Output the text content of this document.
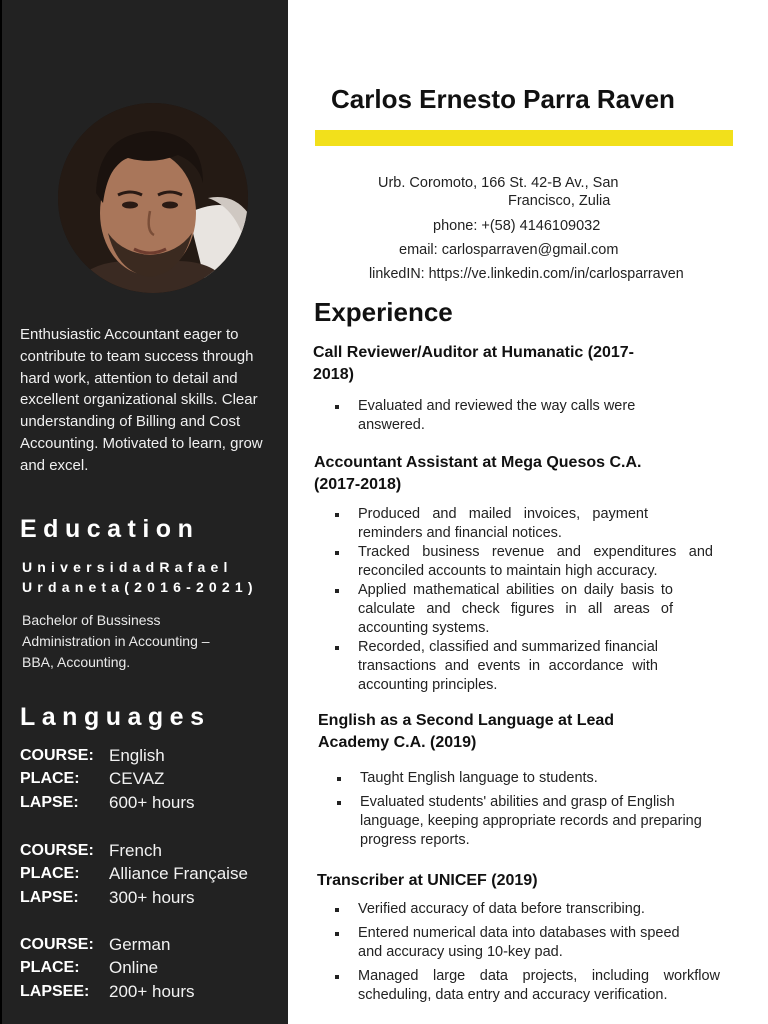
Enthusiastic Accountant eager to contribute to team success through hard work, attention to detail and excellent organizational skills. Clear understanding of Billing and Cost Accounting. Motivated to learn, grow and excel.
Education
UniversidadRafael
Urdaneta(2016-2021)
Bachelor of Bussiness Administration in Accounting – BBA, Accounting.
Languages
COURSE: English
PLACE:	CEVAZ
LAPSE:	600+ hours
COURSE: French
PLACE:	Alliance Française
LAPSE:	300+ hours
COURSE: German
PLACE:	Online
LAPSEE:	200+ hours
Carlos Ernesto Parra Raven
Urb. Coromoto, 166 St. 42-B Av., San
Francisco, Zulia
phone: +(58) 4146109032
email: carlosparraven@gmail.com
linkedIN: https://ve.linkedin.com/in/carlosparraven
Experience
Call Reviewer/Auditor at Humanatic (2017-
2018)
Evaluated and reviewed the way calls were answered.
Accountant Assistant at Mega Quesos C.A.
(2017-2018)
Produced and mailed invoices, payment reminders and financial notices.
Tracked business revenue and expenditures and reconciled accounts to maintain high accuracy.
Applied mathematical abilities on daily basis to calculate and check figures in all areas of accounting systems.
Recorded, classified and summarized financial transactions and events in accordance with accounting principles.
English as a Second Language at Lead
Academy C.A. (2019)
Taught English language to students.
Evaluated students' abilities and grasp of English language, keeping appropriate records and preparing progress reports.
Transcriber at UNICEF (2019)
Verified accuracy of data before transcribing.
Entered numerical data into databases with speed and accuracy using 10-key pad.
Managed large data projects, including workflow scheduling, data entry and accuracy verification.
